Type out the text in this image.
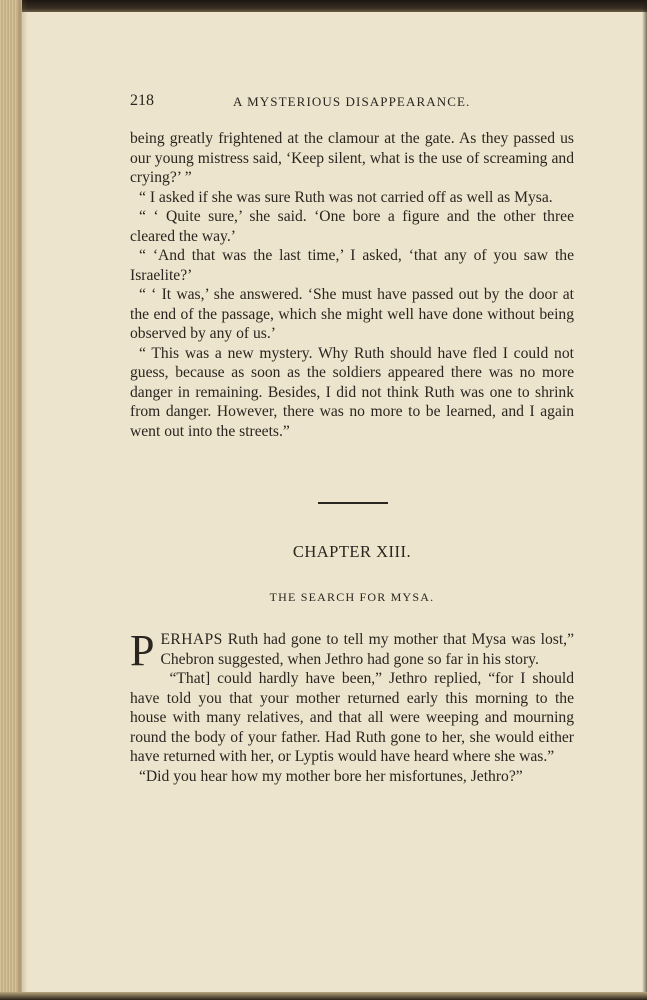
218	A MYSTERIOUS DISAPPEARANCE.

being greatly frightened at the clamour at the gate. As they passed us our young mistress said, ‘Keep silent, what is the use of screaming and crying?’ ”

“ I asked if she was sure Ruth was not carried off as well as Mysa.

“ ‘ Quite sure,’ she said. ‘One bore a figure and the other three cleared the way.’

“ ‘And that was the last time,’ I asked, ‘that any of you saw the Israelite?’

“ ‘ It was,’ she answered. ‘She must have passed out by the door at the end of the passage, which she might well have done without being observed by any of us.’

“ This was a new mystery. Why Ruth should have fled I could not guess, because as soon as the soldiers appeared there was no more danger in remaining. Besides, I did not think Ruth was one to shrink from danger. However, there was no more to be learned, and I again went out into the streets.”

CHAPTER XIII.
THE SEARCH FOR MYSA.

PERHAPS Ruth had gone to tell my mother that Mysa was lost,” Chebron suggested, when Jethro had gone so far in his story.

“That] could hardly have been,” Jethro replied, “for I should have told you that your mother returned early this morning to the house with many relatives, and that all were weeping and mourning round the body of your father. Had Ruth gone to her, she would either have returned with her, or Lyptis would have heard where she was.”

“Did you hear how my mother bore her misfortunes, Jethro?”
